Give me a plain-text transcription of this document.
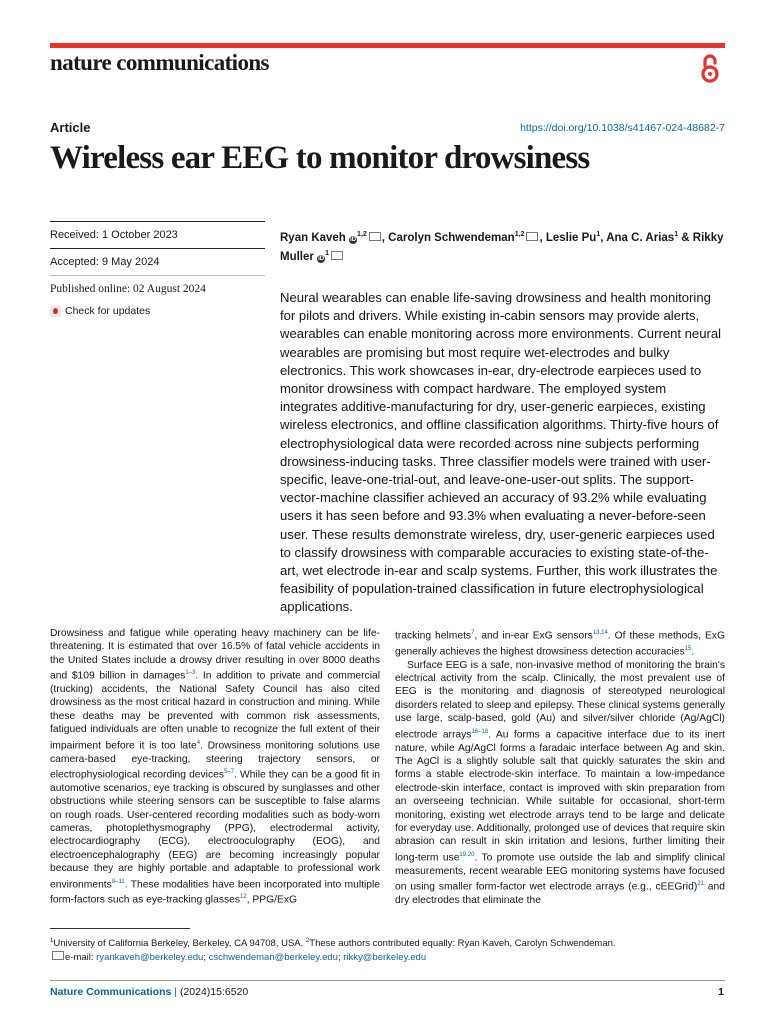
nature communications
Article	https://doi.org/10.1038/s41467-024-48682-7
Wireless ear EEG to monitor drowsiness
Received: 1 October 2023
Accepted: 9 May 2024
Published online: 02 August 2024
Check for updates
Ryan Kaveh iD$^{1,2}$ , Carolyn Schwendeman$^{1,2}$ , Leslie Pu$^1$, Ana C. Arias$^1$ & Rikky Muller $iD^1$

Neural wearables can enable life-saving drowsiness and health monitoring for pilots and drivers. While existing in-cabin sensors may provide alerts, wearables can enable monitoring across more environments. Current neural wearables are promising but most require wet-electrodes and bulky electronics. This work showcases in-ear, dry-electrode earpieces used to monitor drowsiness with compact hardware. The employed system integrates additive-manufacturing for dry, user-generic earpieces, existing wireless electronics, and offline classification algorithms. Thirty-five hours of electrophysiological data were recorded across nine subjects performing drowsiness-inducing tasks. Three classifier models were trained with user-specific, leave-one-trial-out, and leave-one-user-out splits. The support-vector-machine classifier achieved an accuracy of 93.2% while evaluating users it has seen before and 93.3% when evaluating a never-before-seen user. These results demonstrate wireless, dry, user-generic earpieces used to classify drowsiness with comparable accuracies to existing state-of-the-art, wet electrode in-ear and scalp systems. Further, this work illustrates the feasibility of population-trained classification in future electrophysiological applications.

Drowsiness and fatigue while operating heavy machinery can be life-threatening. It is estimated that over 16.5% of fatal vehicle accidents in the United States include a drowsy driver resulting in over 8000 deaths and $109 billion in damages$^{1-3}$. In addition to private and commercial (trucking) accidents, the National Safety Council has also cited drowsiness as the most critical hazard in construction and mining. While these deaths may be prevented with common risk assessments, fatigued individuals are often unable to recognize the full extent of their impairment before it is too late$^4$. Drowsiness monitoring solutions use camera-based eye-tracking, steering trajectory sensors, or electrophysiological recording devices$^{5-7}$. While they can be a good fit in automotive scenarios, eye tracking is obscured by sunglasses and other obstructions while steering sensors can be susceptible to false alarms on rough roads. User-centered recording modalities such as body-worn cameras, photoplethysmography (PPG), electrodermal activity, electrocardiography (ECG), electrooculography (EOG), and electroencephalography (EEG) are becoming increasingly popular because they are highly portable and adaptable to professional work environments$^{8-11}$. These modalities have been incorporated into multiple form-factors such as eye-tracking glasses$^{12}$, PPG/ExG

tracking helmets$^7$, and in-ear ExG sensors$^{13,14}$. Of these methods, ExG generally achieves the highest drowsiness detection accuracies$^{15}$.

Surface EEG is a safe, non-invasive method of monitoring the brain's electrical activity from the scalp. Clinically, the most prevalent use of EEG is the monitoring and diagnosis of stereotyped neurological disorders related to sleep and epilepsy. These clinical systems generally use large, scalp-based, gold (Au) and silver/silver chloride (Ag/AgCl) electrode arrays$^{16-18}$. Au forms a capacitive interface due to its inert nature, while Ag/AgCl forms a faradaic interface between Ag and skin. The AgCl is a slightly soluble salt that quickly saturates the skin and forms a stable electrode-skin interface. To maintain a low-impedance electrode-skin interface, contact is improved with skin preparation from an overseeing technician. While suitable for occasional, short-term monitoring, existing wet electrode arrays tend to be large and delicate for everyday use. Additionally, prolonged use of devices that require skin abrasion can result in skin irritation and lesions, further limiting their long-term use$^{19,20}$. To promote use outside the lab and simplify clinical measurements, recent wearable EEG monitoring systems have focused on using smaller form-factor wet electrode arrays (e.g., cEEGrid)$^{21}$ and dry electrodes that eliminate the

$^1$University of California Berkeley, Berkeley, CA 94708, USA. $^2$These authors contributed equally: Ryan Kaveh, Carolyn Schwendeman.
e-mail: ryankaveh@berkeley.edu; cschwendeman@berkeley.edu; rikky@berkeley.edu
Nature Communications | (2024)15:6520	1
